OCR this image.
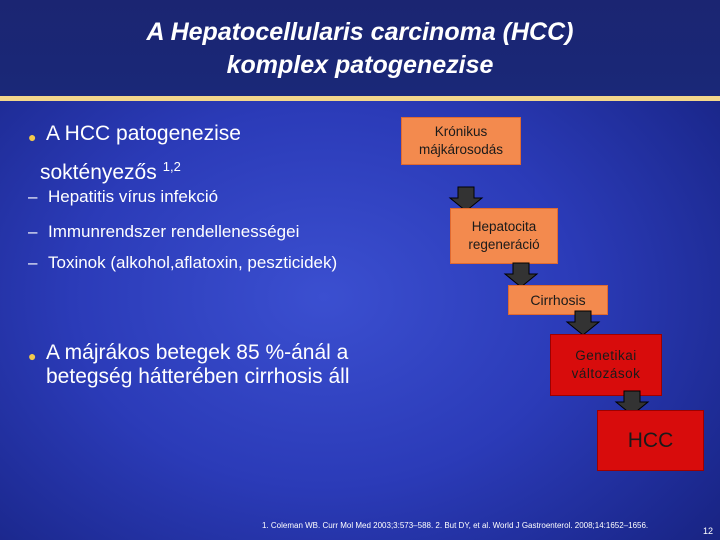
A Hepatocellularis carcinoma (HCC)
komplex patogenezise
● A HCC patogenezise
soktényezős $^{1,2}$
– Hepatitis vírus infekció
– Immunrendszer rendellenességei
– Toxinok (alkohol,aflatoxin, peszticidek)
● A májrákos betegek 85 %-ánál a
betegség hátterében cirrhosis áll
Krónikus
májkárosodás
Hepatocita
regeneráció
Cirrhosis
Genetikai
változások
HCC
1. Coleman WB. Curr Mol Med 2003;3:573–588. 2. But DY, et al. World J Gastroenterol. 2008;14:1652–1656.
12
